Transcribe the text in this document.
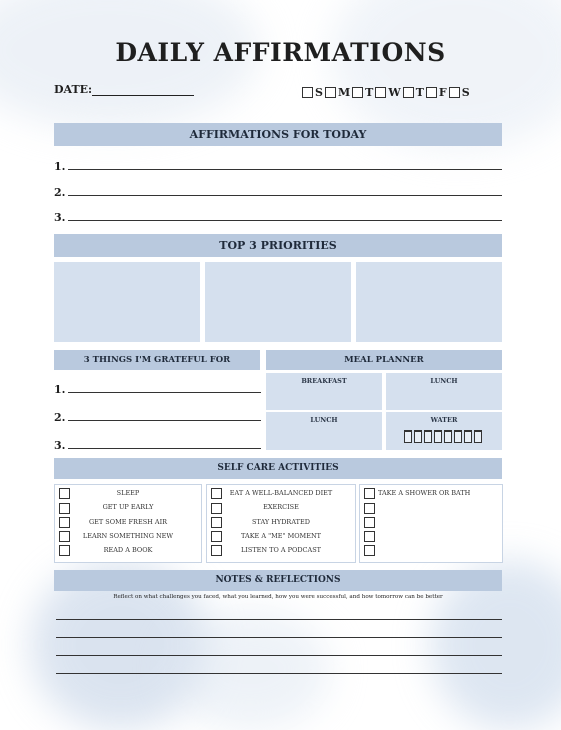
DAILY AFFIRMATIONS
DATE:	S M T W T F S
AFFIRMATIONS FOR TODAY
1.
2.
3.
TOP 3 PRIORITIES
3 THINGS I'M GRATEFUL FOR
1.
2.
3.
MEAL PLANNER
BREAKFAST	LUNCH
LUNCH	WATER
SELF CARE ACTIVITIES
SLEEP
GET UP EARLY
GET SOME FRESH AIR
LEARN SOMETHING NEW
READ A BOOK
EAT A WELL-BALANCED DIET
EXERCISE
STAY HYDRATED
TAKE A "ME" MOMENT
LISTEN TO A PODCAST
TAKE A SHOWER OR BATH
NOTES & REFLECTIONS
Reflect on what challenges you faced, what you learned, how you were successful, and how tomorrow can be better
